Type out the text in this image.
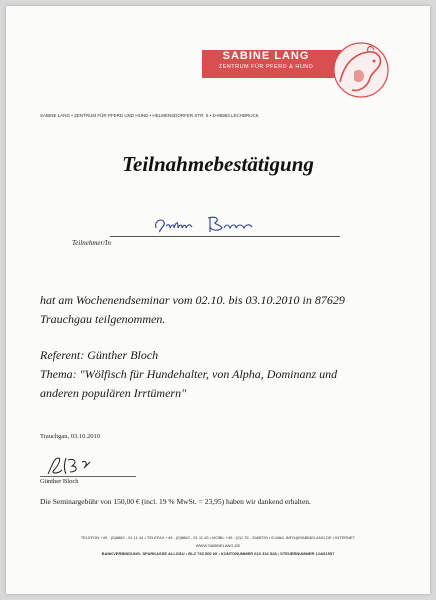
SABINE LANG
ZENTRUM FÜR PFERD & HUND
SABINE LANG • ZENTRUM FÜR PFERD UND HUND • HELMENSDORFER STR. 5 • D-86983 LECHBRUCK
Teilnahmebestätigung
Teilnehmer/In
hat am Wochenendseminar vom 02.10. bis 03.10.2010 in 87629
Trauchgau teilgenommen.
Referent: Günther Bloch
Thema: "Wölfisch für Hundehalter, von Alpha, Dominanz und
anderen populären Irrtümern"
Trauchgau, 03.10.2010
Günther Bloch
Die Seminargebühr von 150,00 € (incl. 19 % MwSt. = 23,95) haben wir dankend erhalten.
TELEFON +49 - (0)8862 - 91 11 44 • TELEFAX +49 - (0)8862 - 91 11 45 • MOBIL +49 - (0)1 75 - 3988799 • E-MAIL INFO@SABINELANG.DE • INTERNET
WWW.SABINELANG.DE
BANKVERBINDUNG: SPARKASSE ALLGÄU • BLZ 733 500 00 • KONTONUMMER 610 316 528 • STEUERNUMMER 124/61557
